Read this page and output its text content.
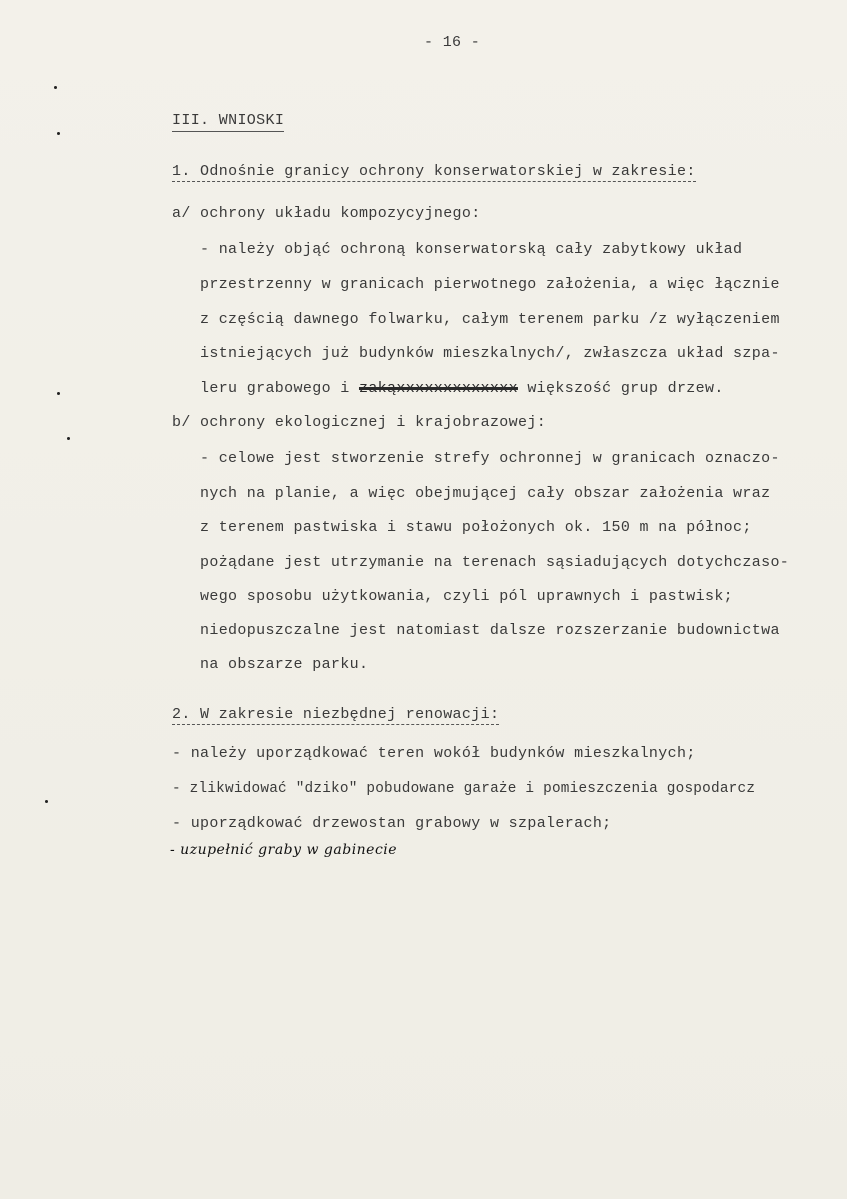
- 16 -
III. WNIOSKI
1. Odnośnie granicy ochrony konserwatorskiej w zakresie:
a/ ochrony układu kompozycyjnego:
- należy objąć ochroną konserwatorską cały zabytkowy układ
przestrzenny w granicach pierwotnego założenia, a więc łącznie
z częścią dawnego folwarku, całym terenem parku /z wyłączeniem
istniejących już budynków mieszkalnych/, zwłaszcza układ szpa-
leru grabowego i zakąxxxxxxxxxxxxx większość grup drzew.
b/ ochrony ekologicznej i krajobrazowej:
- celowe jest stworzenie strefy ochronnej w granicach oznaczo-
nych na planie, a więc obejmującej cały obszar założenia wraz
z terenem pastwiska i stawu położonych ok. 150 m na północ;
pożądane jest utrzymanie na terenach sąsiadujących dotychczaso-
wego sposobu użytkowania, czyli pól uprawnych i pastwisk;
niedopuszczalne jest natomiast dalsze rozszerzanie budownictwa
na obszarze parku.
2. W zakresie niezbędnej renowacji:
- należy uporządkować teren wokół budynków mieszkalnych;
- zlikwidować "dziko" pobudowane garaże i pomieszczenia gospodarcz
- uporządkować drzewostan grabowy w szpalerach;
- uzupełnić graby w gabinecie
